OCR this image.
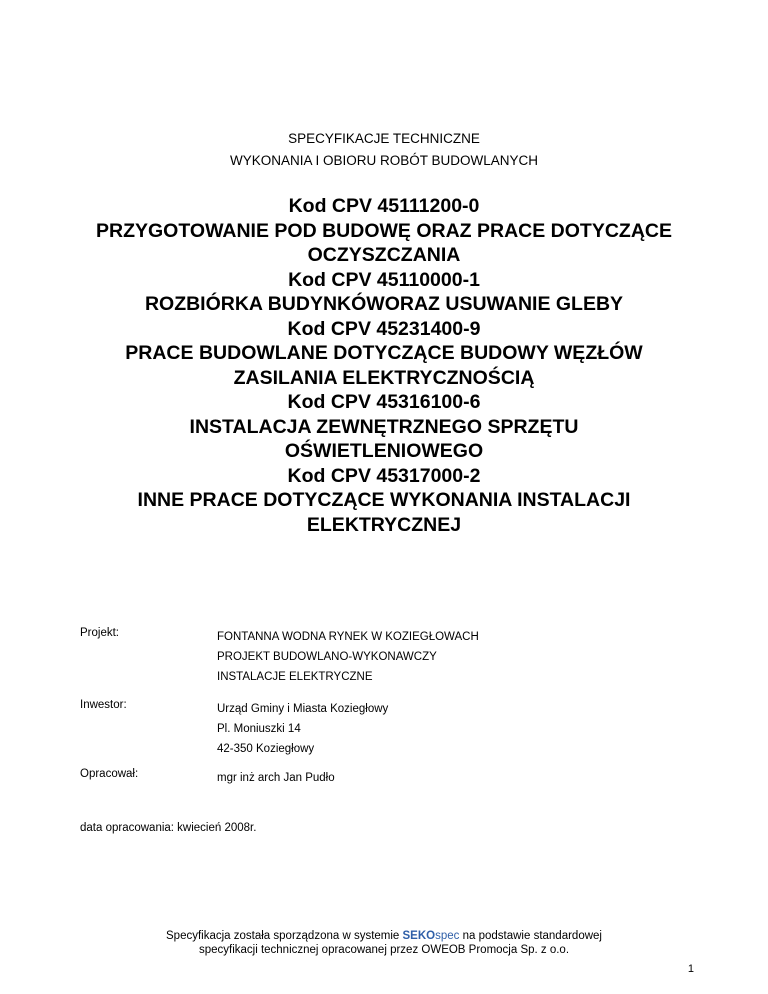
SPECYFIKACJE TECHNICZNE
WYKONANIA I OBIORU ROBÓT BUDOWLANYCH
Kod CPV 45111200-0
PRZYGOTOWANIE POD BUDOWĘ ORAZ PRACE DOTYCZĄCE
OCZYSZCZANIA
Kod CPV 45110000-1
ROZBIÓRKA BUDYNKÓWORAZ USUWANIE GLEBY
Kod CPV 45231400-9
PRACE BUDOWLANE DOTYCZĄCE BUDOWY WĘZŁÓW
ZASILANIA ELEKTRYCZNOŚCIĄ
Kod CPV 45316100-6
INSTALACJA ZEWNĘTRZNEGO SPRZĘTU
OŚWIETLENIOWEGO
Kod CPV 45317000-2
INNE PRACE DOTYCZĄCE WYKONANIA INSTALACJI
ELEKTRYCZNEJ
Projekt:	FONTANNA WODNA RYNEK W KOZIEGŁOWACH
PROJEKT BUDOWLANO-WYKONAWCZY
INSTALACJE ELEKTRYCZNE
Inwestor:	Urząd Gminy i Miasta Koziegłowy
Pl. Moniuszki 14
42-350 Koziegłowy
Opracował:	mgr inż arch Jan Pudło
data opracowania: kwiecień 2008r.
Specyfikacja została sporządzona w systemie SEKOspec na podstawie standardowej
specyfikacji technicznej opracowanej przez OWEOB Promocja Sp. z o.o.
1
